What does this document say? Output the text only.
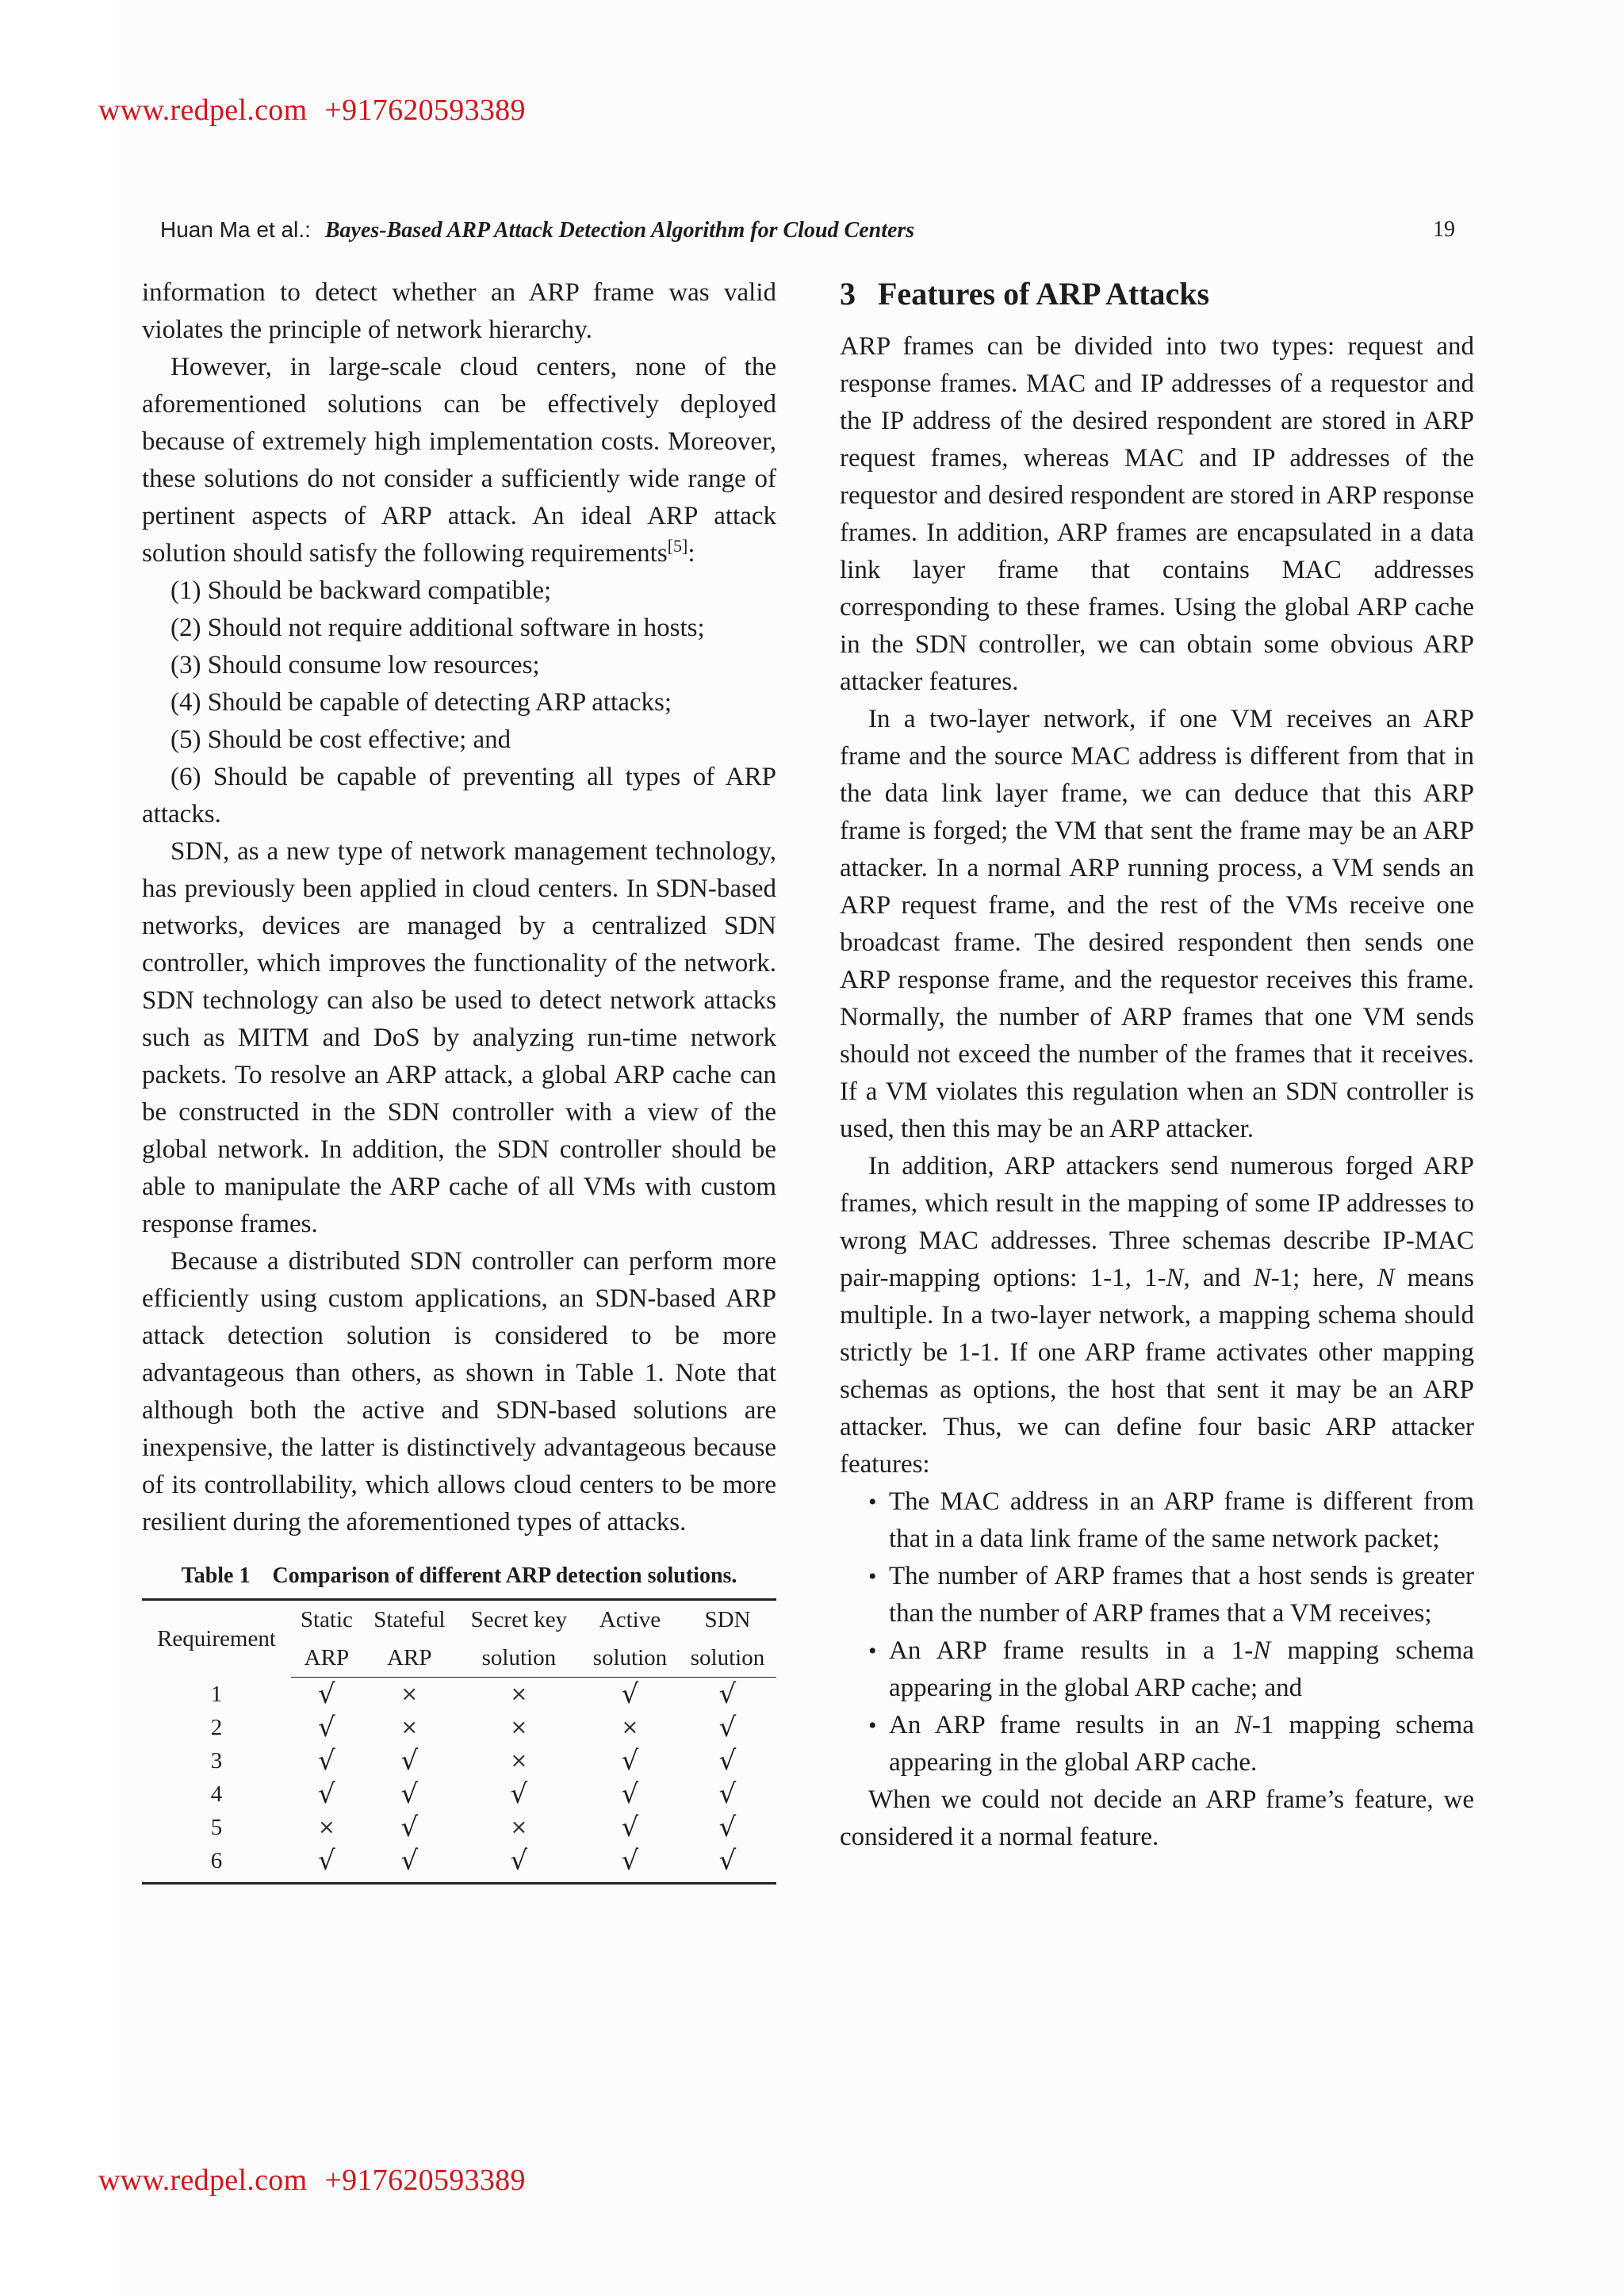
www.redpel.com +917620593389
Huan Ma et al.: Bayes-Based ARP Attack Detection Algorithm for Cloud Centers	19

information to detect whether an ARP frame was valid violates the principle of network hierarchy.

However, in large-scale cloud centers, none of the aforementioned solutions can be effectively deployed because of extremely high implementation costs. Moreover, these solutions do not consider a sufficiently wide range of pertinent aspects of ARP attack. An ideal ARP attack solution should satisfy the following requirements[5]:

(1) Should be backward compatible;

(2) Should not require additional software in hosts;

(3) Should consume low resources;

(4) Should be capable of detecting ARP attacks;

(5) Should be cost effective; and

(6) Should be capable of preventing all types of ARP attacks.

SDN, as a new type of network management technology, has previously been applied in cloud centers. In SDN-based networks, devices are managed by a centralized SDN controller, which improves the functionality of the network. SDN technology can also be used to detect network attacks such as MITM and DoS by analyzing run-time network packets. To resolve an ARP attack, a global ARP cache can be constructed in the SDN controller with a view of the global network. In addition, the SDN controller should be able to manipulate the ARP cache of all VMs with custom response frames.

Because a distributed SDN controller can perform more efficiently using custom applications, an SDN-based ARP attack detection solution is considered to be more advantageous than others, as shown in Table 1. Note that although both the active and SDN-based solutions are inexpensive, the latter is distinctively advantageous because of its controllability, which allows cloud centers to be more resilient during the aforementioned types of attacks.

Table 1 Comparison of different ARP detection solutions.
Requirement	Static	Stateful	Secret key	Active	SDN
	ARP	ARP	solution	solution	solution
1	√	×	×	√	√
2	√	×	×	×	√
3	√	√	×	√	√
4	√	√	√	√	√
5	×	√	×	√	√
6	√	√	√	√	√
3 Features of ARP Attacks

ARP frames can be divided into two types: request and response frames. MAC and IP addresses of a requestor and the IP address of the desired respondent are stored in ARP request frames, whereas MAC and IP addresses of the requestor and desired respondent are stored in ARP response frames. In addition, ARP frames are encapsulated in a data link layer frame that contains MAC addresses corresponding to these frames. Using the global ARP cache in the SDN controller, we can obtain some obvious ARP attacker features.

In a two-layer network, if one VM receives an ARP frame and the source MAC address is different from that in the data link layer frame, we can deduce that this ARP frame is forged; the VM that sent the frame may be an ARP attacker. In a normal ARP running process, a VM sends an ARP request frame, and the rest of the VMs receive one broadcast frame. The desired respondent then sends one ARP response frame, and the requestor receives this frame. Normally, the number of ARP frames that one VM sends should not exceed the number of the frames that it receives. If a VM violates this regulation when an SDN controller is used, then this may be an ARP attacker.

In addition, ARP attackers send numerous forged ARP frames, which result in the mapping of some IP addresses to wrong MAC addresses. Three schemas describe IP-MAC pair-mapping options: 1-1, 1-N, and N-1; here, N means multiple. In a two-layer network, a mapping schema should strictly be 1-1. If one ARP frame activates other mapping schemas as options, the host that sent it may be an ARP attacker. Thus, we can define four basic ARP attacker features:

• The MAC address in an ARP frame is different from that in a data link frame of the same network packet;
• The number of ARP frames that a host sends is greater than the number of ARP frames that a VM receives;
• An ARP frame results in a 1-N mapping schema appearing in the global ARP cache; and
• An ARP frame results in an N-1 mapping schema appearing in the global ARP cache.

When we could not decide an ARP frame’s feature, we considered it a normal feature.

www.redpel.com +917620593389
